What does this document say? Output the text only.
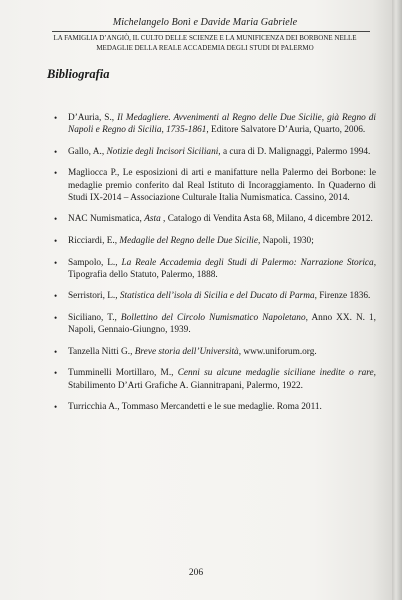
Michelangelo Bonì e Davide Maria Gabriele
LA FAMIGLIA D’ANGIÒ, IL CULTO DELLE SCIENZE E LA MUNIFICENZA DEI BORBONE NELLE
MEDAGLIE DELLA REALE ACCADEMIA DEGLI STUDI DI PALERMO
Bibliografia
• D’Auria, S., Il Medagliere. Avvenimenti al Regno delle Due Sicilie, già Regno di Napoli e Regno di Sicilia, 1735-1861, Editore Salvatore D’Auria, Quarto, 2006.
• Gallo, A., Notizie degli Incisori Siciliani, a cura di D. Malignaggi, Palermo 1994.
• Magliocca P., Le esposizioni di arti e manifatture nella Palermo dei Borbone: le medaglie premio conferito dal Real Istituto di Incoraggiamento. In Quaderno di Studi IX-2014 – Associazione Culturale Italia Numismatica. Cassino, 2014.
• NAC Numismatica, Asta , Catalogo di Vendita Asta 68, Milano, 4 dicembre 2012.
• Ricciardi, E., Medaglie del Regno delle Due Sicilie, Napoli, 1930;
• Sampolo, L., La Reale Accademia degli Studi di Palermo: Narrazione Storica, Tipografia dello Statuto, Palermo, 1888.
• Serristori, L., Statistica dell’isola di Sicilia e del Ducato di Parma, Firenze 1836.
• Siciliano, T., Bollettino del Circolo Numismatico Napoletano, Anno XX. N. 1, Napoli, Gennaio-Giungno, 1939.
• Tanzella Nitti G., Breve storia dell’Università, www.uniforum.org.
• Tumminelli Mortillaro, M., Cenni su alcune medaglie siciliane inedite o rare, Stabilimento D’Arti Grafiche A. Giannitrapani, Palermo, 1922.
• Turricchia A., Tommaso Mercandetti e le sue medaglie. Roma 2011.
206
